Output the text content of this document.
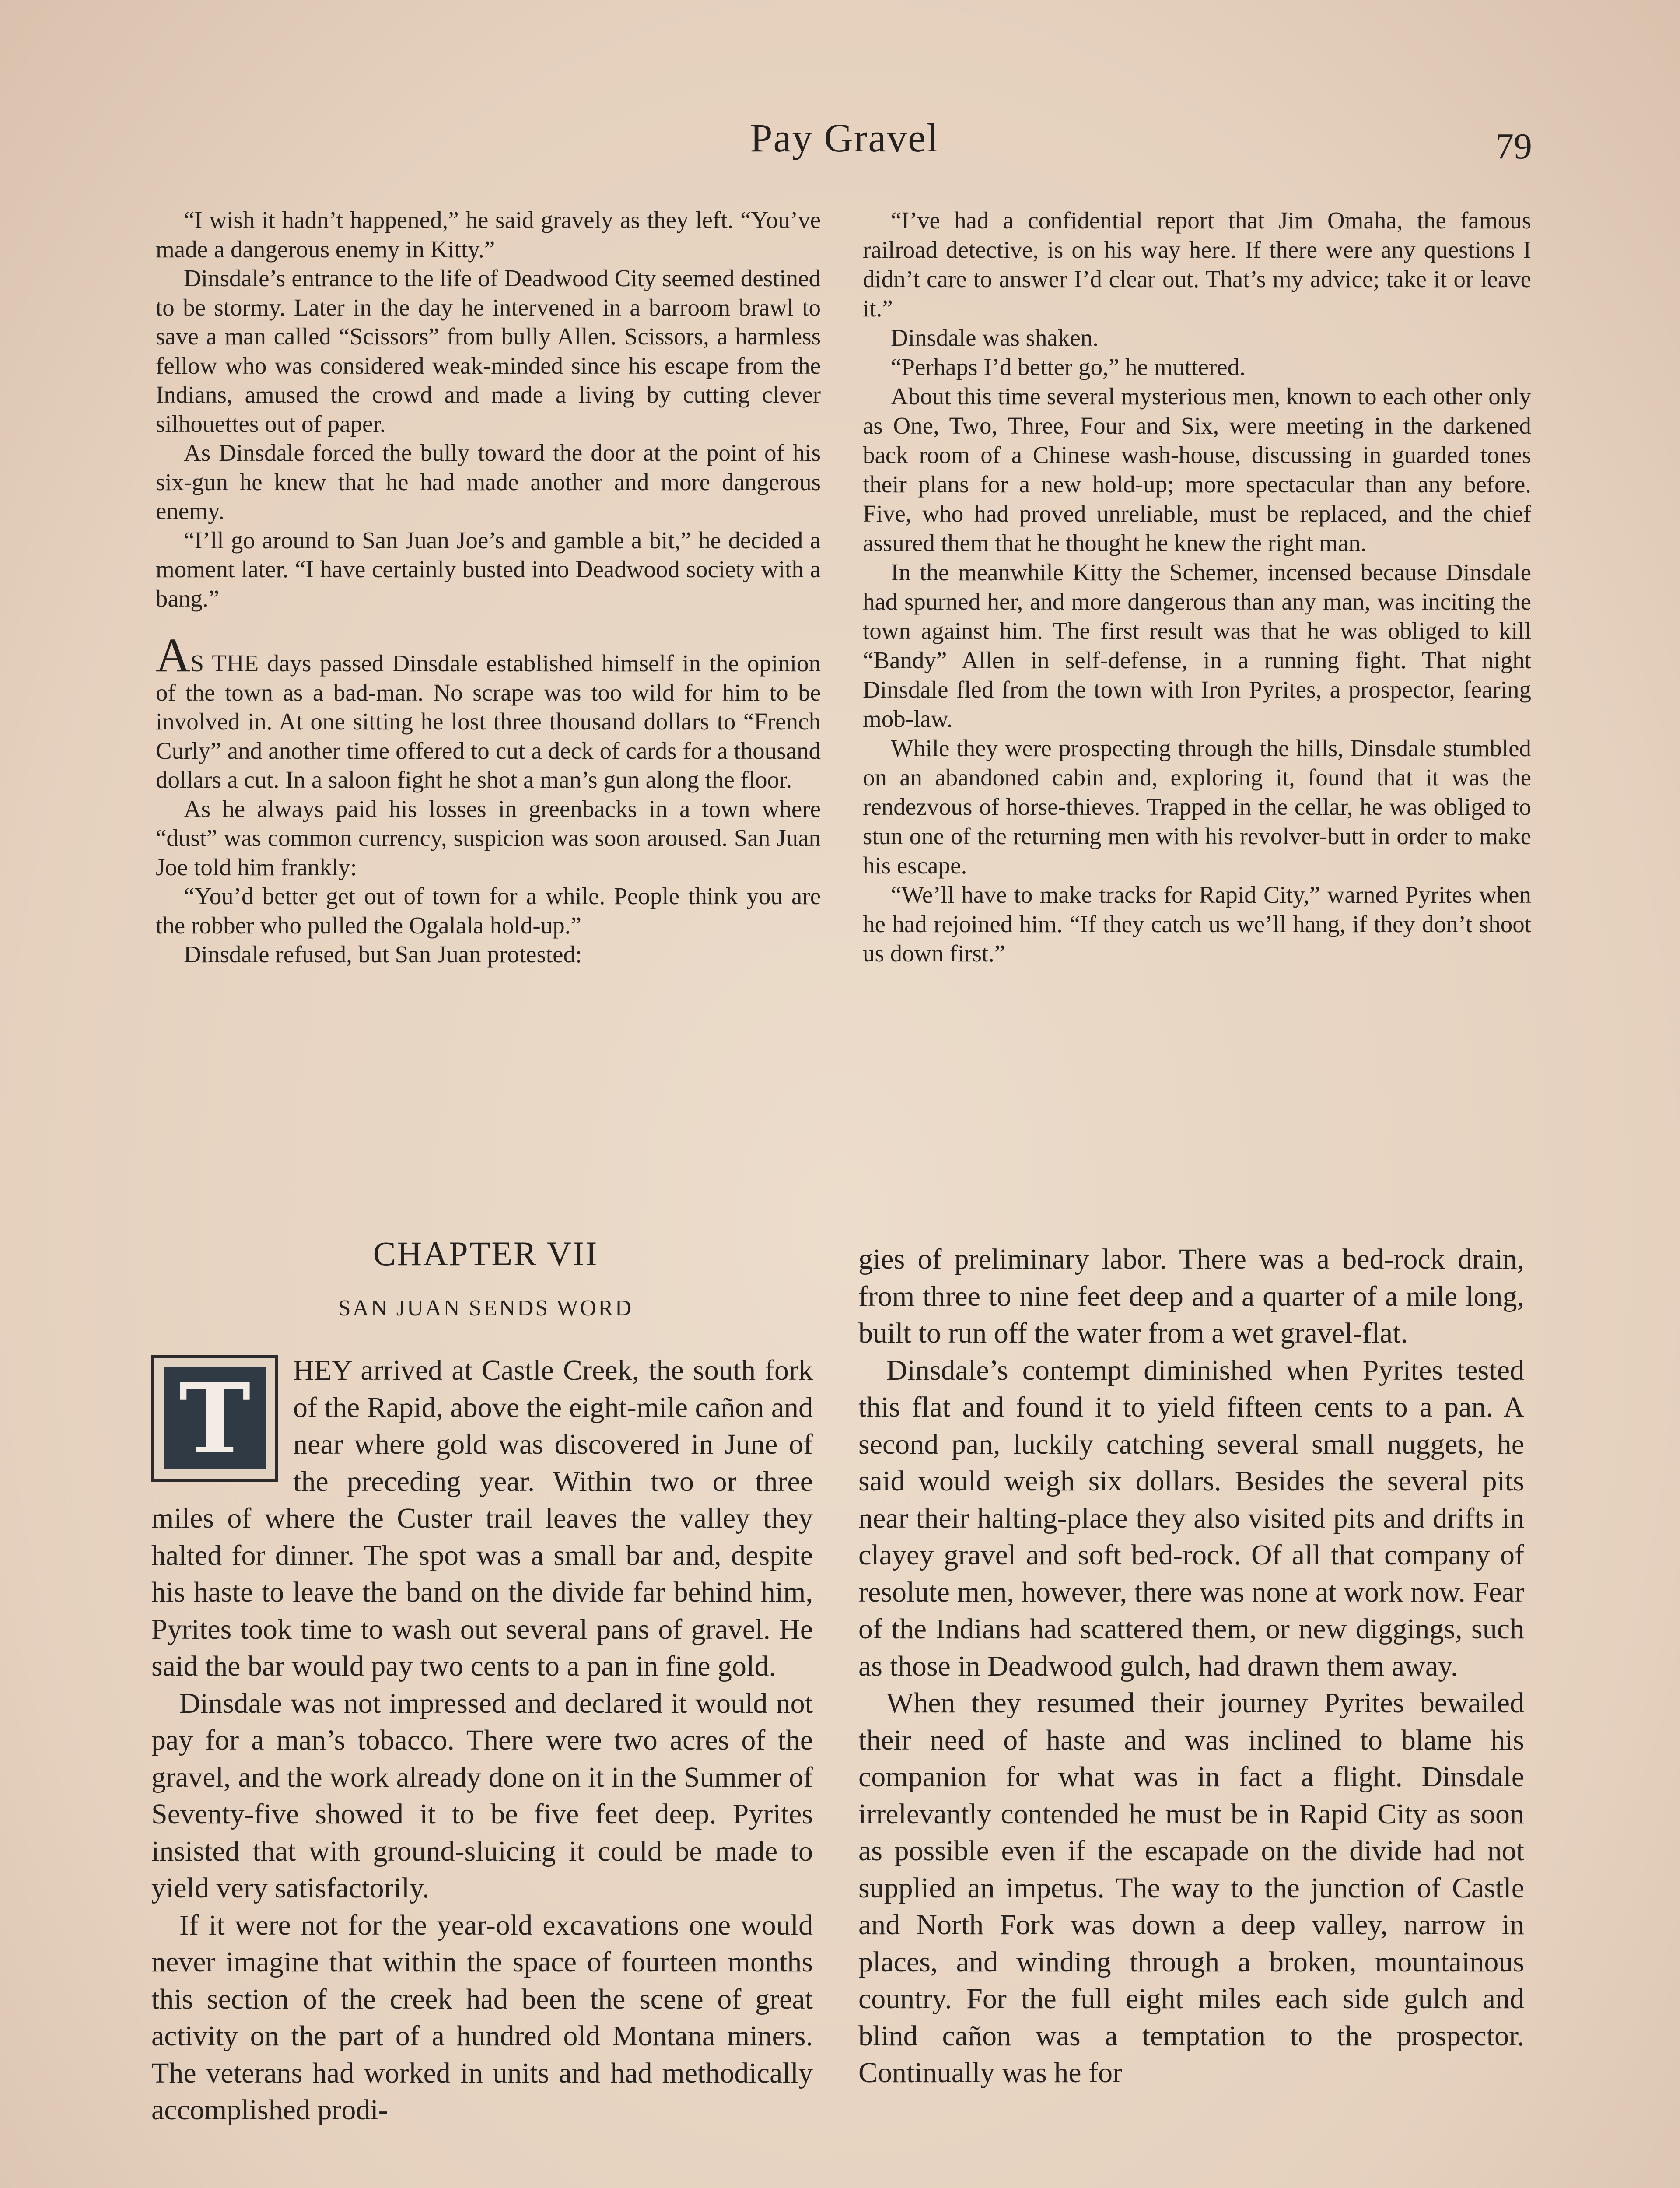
Pay Gravel	79

“I wish it hadn’t happened,” he said gravely as they left. “You’ve made a dangerous enemy in Kitty.”

Dinsdale’s entrance to the life of Deadwood City seemed destined to be stormy. Later in the day he intervened in a barroom brawl to save a man called “Scissors” from bully Allen. Scissors, a harmless fellow who was considered weak-minded since his escape from the Indians, amused the crowd and made a living by cutting clever silhouettes out of paper.

As Dinsdale forced the bully toward the door at the point of his six-gun he knew that he had made another and more dangerous enemy.

“I’ll go around to San Juan Joe’s and gamble a bit,” he decided a moment later. “I have certainly busted into Deadwood society with a bang.”

AS THE days passed Dinsdale established himself in the opinion of the town as a bad-man. No scrape was too wild for him to be involved in. At one sitting he lost three thousand dollars to “French Curly” and another time offered to cut a deck of cards for a thousand dollars a cut. In a saloon fight he shot a man’s gun along the floor.

As he always paid his losses in greenbacks in a town where “dust” was common currency, suspicion was soon aroused. San Juan Joe told him frankly:

“You’d better get out of town for a while. People think you are the robber who pulled the Ogalala hold-up.”

Dinsdale refused, but San Juan protested:

“I’ve had a confidential report that Jim Omaha, the famous railroad detective, is on his way here. If there were any questions I didn’t care to answer I’d clear out. That’s my advice; take it or leave it.”

Dinsdale was shaken.

“Perhaps I’d better go,” he muttered.

About this time several mysterious men, known to each other only as One, Two, Three, Four and Six, were meeting in the darkened back room of a Chinese wash-house, discussing in guarded tones their plans for a new hold-up; more spectacular than any before. Five, who had proved unreliable, must be replaced, and the chief assured them that he thought he knew the right man.

In the meanwhile Kitty the Schemer, incensed because Dinsdale had spurned her, and more dangerous than any man, was inciting the town against him. The first result was that he was obliged to kill “Bandy” Allen in self-defense, in a running fight. That night Dinsdale fled from the town with Iron Pyrites, a prospector, fearing mob-law.

While they were prospecting through the hills, Dinsdale stumbled on an abandoned cabin and, exploring it, found that it was the rendezvous of horse-thieves. Trapped in the cellar, he was obliged to stun one of the returning men with his revolver-butt in order to make his escape.

“We’ll have to make tracks for Rapid City,” warned Pyrites when he had rejoined him. “If they catch us we’ll hang, if they don’t shoot us down first.”

CHAPTER VII
SAN JUAN SENDS WORD

T	HEY arrived at Castle Creek, the south fork of the Rapid, above the eight-mile cañon and near where gold was discovered in June of the preceding year. Within two or three miles of where the Custer trail leaves the valley they halted for dinner. The spot was a small bar and, despite his haste to leave the band on the divide far behind him, Pyrites took time to wash out several pans of gravel. He said the bar would pay two cents to a pan in fine gold.

Dinsdale was not impressed and declared it would not pay for a man’s tobacco. There were two acres of the gravel, and the work already done on it in the Summer of Seventy-five showed it to be five feet deep. Pyrites insisted that with ground-sluicing it could be made to yield very satisfactorily.

If it were not for the year-old excavations one would never imagine that within the space of fourteen months this section of the creek had been the scene of great activity on the part of a hundred old Montana miners. The veterans had worked in units and had methodically accomplished prodi-

gies of preliminary labor. There was a bed-rock drain, from three to nine feet deep and a quarter of a mile long, built to run off the water from a wet gravel-flat.

Dinsdale’s contempt diminished when Pyrites tested this flat and found it to yield fifteen cents to a pan. A second pan, luckily catching several small nuggets, he said would weigh six dollars. Besides the several pits near their halting-place they also visited pits and drifts in clayey gravel and soft bed-rock. Of all that company of resolute men, however, there was none at work now. Fear of the Indians had scattered them, or new diggings, such as those in Deadwood gulch, had drawn them away.

When they resumed their journey Pyrites bewailed their need of haste and was inclined to blame his companion for what was in fact a flight. Dinsdale irrelevantly contended he must be in Rapid City as soon as possible even if the escapade on the divide had not supplied an impetus. The way to the junction of Castle and North Fork was down a deep valley, narrow in places, and winding through a broken, mountainous country. For the full eight miles each side gulch and blind cañon was a temptation to the prospector. Continually was he for
